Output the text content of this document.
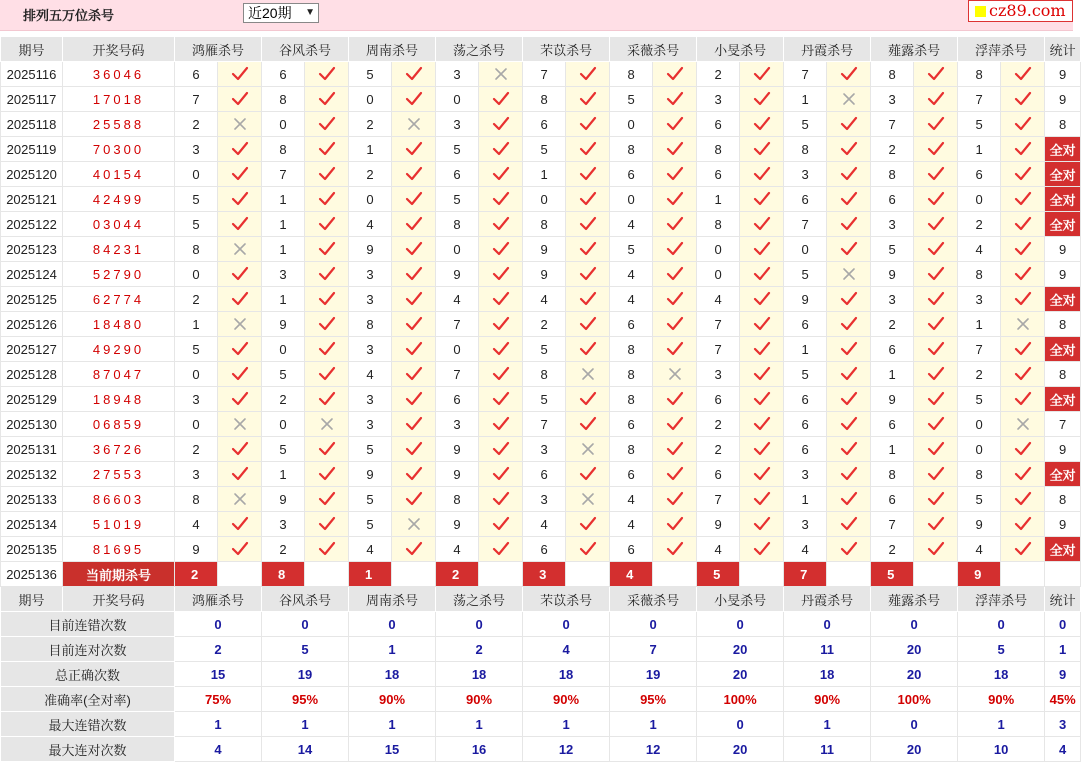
排列五万位杀号	近20期 ▼	cz89.com
期号	开奖号码	鸿雁杀号		谷风杀号		周南杀号		荡之杀号		芣苡杀号		采薇杀号		小旻杀号		丹霞杀号		薤露杀号		浮萍杀号		统计
2025116	36046	6		6		5		3		7		8		2		7		8		8		9
2025117	17018	7		8		0		0		8		5		3		1		3		7		9
2025118	25588	2		0		2		3		6		0		6		5		7		5		8
2025119	70300	3		8		1		5		5		8		8		8		2		1		全对
2025120	40154	0		7		2		6		1		6		6		3		8		6		全对
2025121	42499	5		1		0		5		0		0		1		6		6		0		全对
2025122	03044	5		1		4		8		8		4		8		7		3		2		全对
2025123	84231	8		1		9		0		9		5		0		0		5		4		9
2025124	52790	0		3		3		9		9		4		0		5		9		8		9
2025125	62774	2		1		3		4		4		4		4		9		3		3		全对
2025126	18480	1		9		8		7		2		6		7		6		2		1		8
2025127	49290	5		0		3		0		5		8		7		1		6		7		全对
2025128	87047	0		5		4		7		8		8		3		5		1		2		8
2025129	18948	3		2		3		6		5		8		6		6		9		5		全对
2025130	06859	0		0		3		3		7		6		2		6		6		0		7
2025131	36726	2		5		5		9		3		8		2		6		1		0		9
2025132	27553	3		1		9		9		6		6		6		3		8		8		全对
2025133	86603	8		9		5		8		3		4		7		1		6		5		8
2025134	51019	4		3		5		9		4		4		9		3		7		9		9
2025135	81695	9		2		4		4		6		6		4		4		2		4		全对
2025136	当前期杀号	2		8		1		2		3		4		5		7		5		9		
期号	开奖号码	鸿雁杀号		谷风杀号		周南杀号		荡之杀号		芣苡杀号		采薇杀号		小旻杀号		丹霞杀号		薤露杀号		浮萍杀号		统计
目前连错次数		0		0		0		0		0		0		0		0		0		0		0
目前连对次数		2		5		1		2		4		7		20		11		20		5		1
总正确次数		15		19		18		18		18		19		20		18		20		18		9
准确率(全对率)		75%		95%		90%		90%		90%		95%		100%		90%		100%		90%		45%
最大连错次数		1		1		1		1		1		1		0		1		0		1		3
最大连对次数		4		14		15		16		12		12		20		11		20		10		4
